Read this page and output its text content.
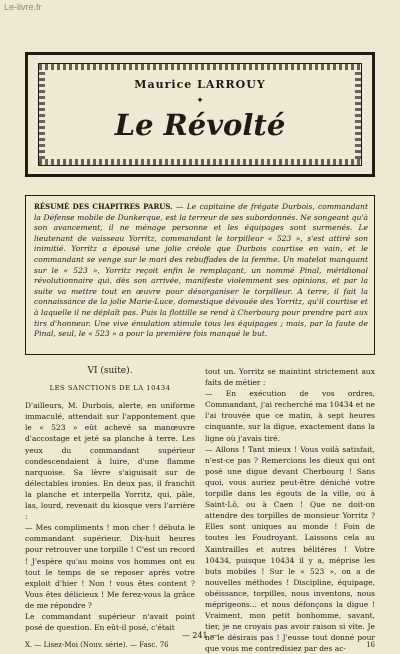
Le-livre.fr
Maurice LARROUY
✦
Le Révolté
RÉSUMÉ DES CHAPITRES PARUS. — Le capitaine de frégate Durbois, commandant la Défense mobile de Dunkerque, est la terreur de ses subordonnés. Ne songeant qu'à son avancement, il ne ménage personne et les équipages sont surmenés. Le lieutenant de vaisseau Yorritz, commandant le torpilleur « 523 », s'est attiré son inimitié. Yorritz a épousé une jolie créole que Durbois courtise en vain, et le commandant se venge sur le mari des rebuffades de la femme. Un matelot manquant sur le « 523 », Yorritz reçoit enfin le remplaçant, un nommé Pinal, méridional révolutionnaire qui, dès son arrivée, manifeste violemment ses opinions, et par la suite va mettre tout en œuvre pour désorganiser le torpilleur. A terre, il fait la connaissance de la jolie Marie-Luce, domestique dévouée des Yorritz, qu'il courtise et à laquelle il ne déplaît pas. Puis la flottille se rend à Cherbourg pour prendre part aux tirs d'honneur. Une vive émulation stimule tous les équipages ; mais, par la faute de Pinal, seul, le « 523 » a pour la première fois manqué le but.
VI (suite).
LES SANCTIONS DE LA 10434

D'ailleurs, M. Durbois, alerte, en uniforme immaculé, attendait sur l'appontement que le « 523 » eût achevé sa manœuvre d'accostage et jeté sa planche à terre. Les yeux du commandant supérieur condescendaient à luire, d'une flamme narquoise. Sa lèvre s'aiguisait sur de délectables ironies. En deux pas, il franchit la planche et interpella Yorritz, qui, pâle, las, lourd, revenait du kiosque vers l'arrière :

— Mes compliments ! mon cher ! débuta le commandant supérieur. Dix-huit heures pour retrouver une torpille ! C'est un record ! J'espère qu'au moins vos hommes ont eu tout le temps de se reposer après votre exploit d'hier ! Non ! vous êtes content ? Vous êtes délicieux ! Me ferez-vous la grâce de me répondre ?

Le commandant supérieur n'avait point posé de question. En eût-il posé, c'était

tout un. Yorritz se maintint strictement aux faits de métier :

— En exécution de vos ordres, Commandant, j'ai recherché ma 10434 et ne l'ai trouvée que ce matin, à sept heures cinquante, sur la digue, exactement dans la ligne où j'avais tiré.

— Allons ! Tant mieux ! Vous voilà satisfait, n'est-ce pas ? Remercions les dieux qui ont posé une digue devant Cherbourg ! Sans quoi, vous auriez peut-être déniché votre torpille dans les égouts de la ville, ou à Saint-Lô, ou à Caen ! Que ne doit-on attendre des torpilles de monsieur Yorritz ? Elles sont uniques au monde ! Foin de toutes les Foudroyant. Laissons cela au Xaintrailles et autres bélitéres ! Votre 10434, puisque 10434 il y a, méprise les buts mobiles ! Sur le « 523 », on a de nouvelles méthodes ! Discipline, équipage, obéissance, torpilles, nous inventons, nous méprigeons... et nous défonçons la digue ! Vraiment, mon petit bonhomme, savant, tier, je ne croyais pas avoir raison si vite. Je ne le désirais pas ! J'eusse tout donné pour que vous me contredisiez par des ac-

— 241 —
X. — Lisez-Moi (Nouv. série). — Fasc. 76	16
